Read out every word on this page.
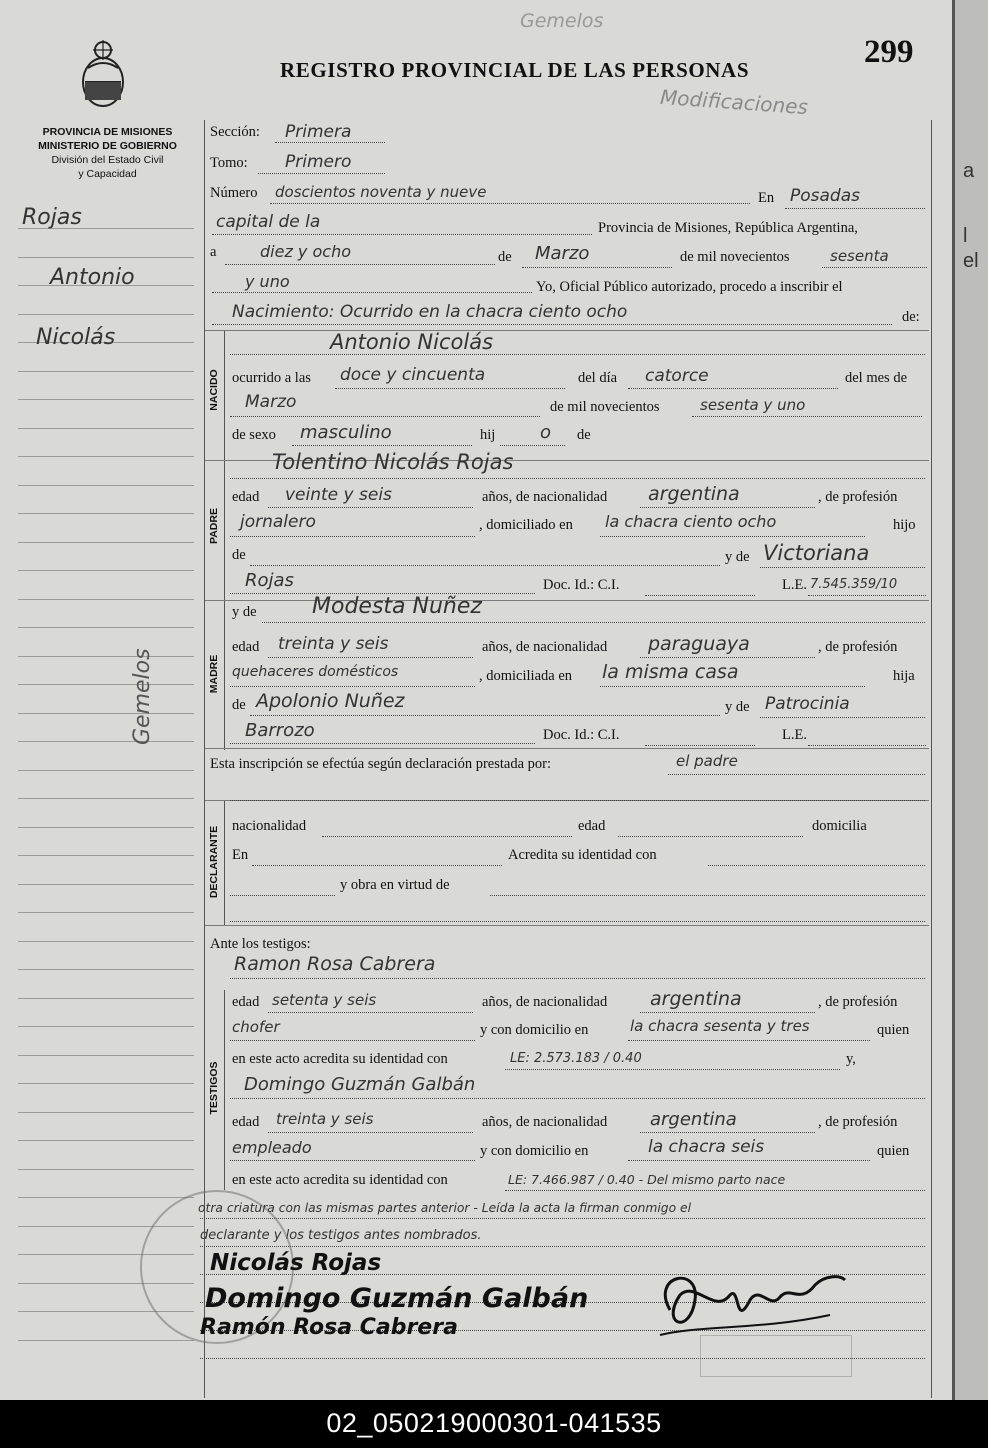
REGISTRO PROVINCIAL DE LAS PERSONAS	299
Gemelos
Modificaciones
PROVINCIA DE MISIONES
MINISTERIO DE GOBIERNO
División del Estado Civil
y Capacidad
Rojas
Antonio
Nicolás
Gemelos
NACIDO
PADRE
MADRE
DECLARANTE
TESTIGOS
Sección: Primera
Tomo: Primero
Número doscientos noventa y nueve	En Posadas
capital de la	Provincia de Misiones, República Argentina,
a	diez y ocho	de Marzo	de mil novecientos	sesenta
y uno	Yo, Oficial Público autorizado, procedo a inscribir el
Nacimiento: Ocurrido en la chacra ciento ocho	de:
Antonio Nicolás
ocurrido a las doce y cincuenta	del día catorce	del mes de
Marzo	de mil novecientos	sesenta y uno
de sexo masculino	hij o de
Tolentino Nicolás Rojas
edad veinte y seis	años, de nacionalidad argentina	, de profesión
jornalero	, domiciliado en la chacra ciento ocho	hijo
de	y de Victoriana
Rojas	Doc. Id.: C.I.	L.E. 7.545.359/10
y de	Modesta Nuñez
edad treinta y seis	años, de nacionalidad paraguaya	, de profesión
quehaceres domésticos	, domiciliada en la misma casa	hija
de Apolonio Nuñez	y de Patrocinia
Barrozo	Doc. Id.: C.I.	L.E.
Esta inscripción se efectúa según declaración prestada por:	el padre
nacionalidad	edad	domicilia
En	Acredita su identidad con
y obra en virtud de
Ante los testigos:
Ramon Rosa Cabrera
edad setenta y seis	años, de nacionalidad argentina	, de profesión
chofer	y con domicilio en	la chacra sesenta y tres	quien
en este acto acredita su identidad con	LE: 2.573.183 / 0.40	y,
Domingo Guzmán Galbán
edad treinta y seis	años, de nacionalidad argentina	, de profesión
empleado	y con domicilio en	la chacra seis	quien
en este acto acredita su identidad con	LE: 7.466.987 / 0.40 - Del mismo parto nace
otra criatura con las mismas partes anterior - Leída la acta la firman conmigo el
declarante y los testigos antes nombrados.
Nicolás Rojas
Domingo Guzmán Galbán
Ramón Rosa Cabrera
a
l
el
02_050219000301-041535
